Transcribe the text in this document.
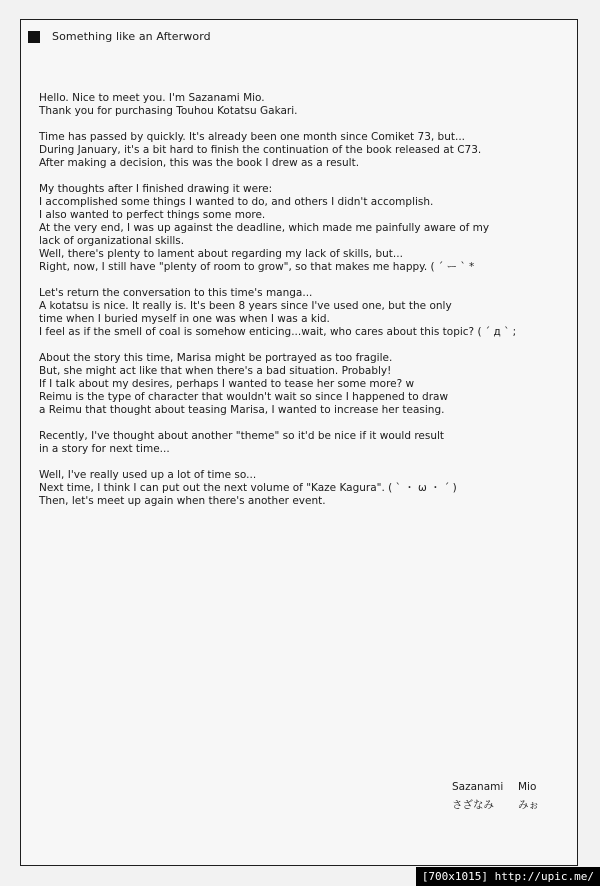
Something like an Afterword
Hello. Nice to meet you. I'm Sazanami Mio.
Thank you for purchasing Touhou Kotatsu Gakari.
Time has passed by quickly. It's already been one month since Comiket 73, but...
During January, it's a bit hard to finish the continuation of the book released at C73.
After making a decision, this was the book I drew as a result.
My thoughts after I finished drawing it were:
I accomplished some things I wanted to do, and others I didn't accomplish.
I also wanted to perfect things some more.
At the very end, I was up against the deadline, which made me painfully aware of my
lack of organizational skills.
Well, there's plenty to lament about regarding my lack of skills, but...
Right, now, I still have "plenty of room to grow", so that makes me happy. ( ´ ー ` *
Let's return the conversation to this time's manga...
A kotatsu is nice. It really is. It's been 8 years since I've used one, but the only
time when I buried myself in one was when I was a kid.
I feel as if the smell of coal is somehow enticing...wait, who cares about this topic? ( ´ д ` ;
About the story this time, Marisa might be portrayed as too fragile.
But, she might act like that when there's a bad situation. Probably!
If I talk about my desires, perhaps I wanted to tease her some more? w
Reimu is the type of character that wouldn't wait so since I happened to draw
a Reimu that thought about teasing Marisa, I wanted to increase her teasing.
Recently, I've thought about another "theme" so it'd be nice if it would result
in a story for next time...
Well, I've really used up a lot of time so...
Next time, I think I can put out the next volume of "Kaze Kagura". ( ` ・ ω ・ ´ )
Then, let's meet up again when there's another event.
Sazanami	Mio
さざなみ	みぉ
[700x1015] http://upic.me/
